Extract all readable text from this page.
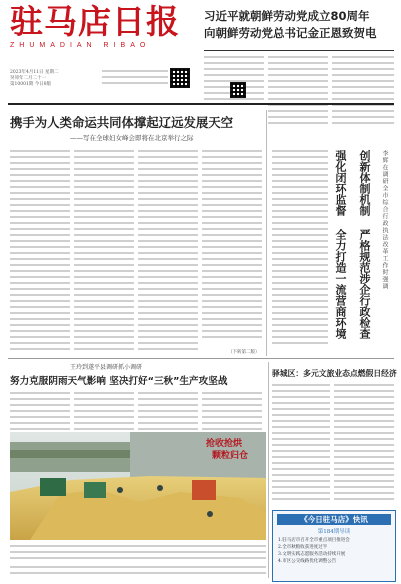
驻马店日报
ZHUMADIAN RIBAO
2023年4月11日 星期二
癸卯年二月二十一
第10001期 今日8版
习近平就朝鲜劳动党成立80周年
向朝鲜劳动党总书记金正恩致贺电
携手为人类命运共同体撑起辽远发展天空
——写在全球妇女峰会即将在北京举行之际
（下转第二版）
李辉在调研全市综合行政执法改革工作时强调
创新体制机制 严格规范涉企行政检查
强化闭环监督 全力打造一流营商环境
王玲到遂平县调研抓小调研
努力克服阴雨天气影响 坚决打好“三秋”生产攻坚战
抢收抢烘
颗粒归仓
驿城区：多元文旅业态点燃假日经济
《今日驻马店》快讯
第184期导读
1.驻马店市召开全市重点项目推进会
2.全市秋粮收获进度过半
3.文明实践志愿服务活动持续开展
4.市区公交线路优化调整公告
